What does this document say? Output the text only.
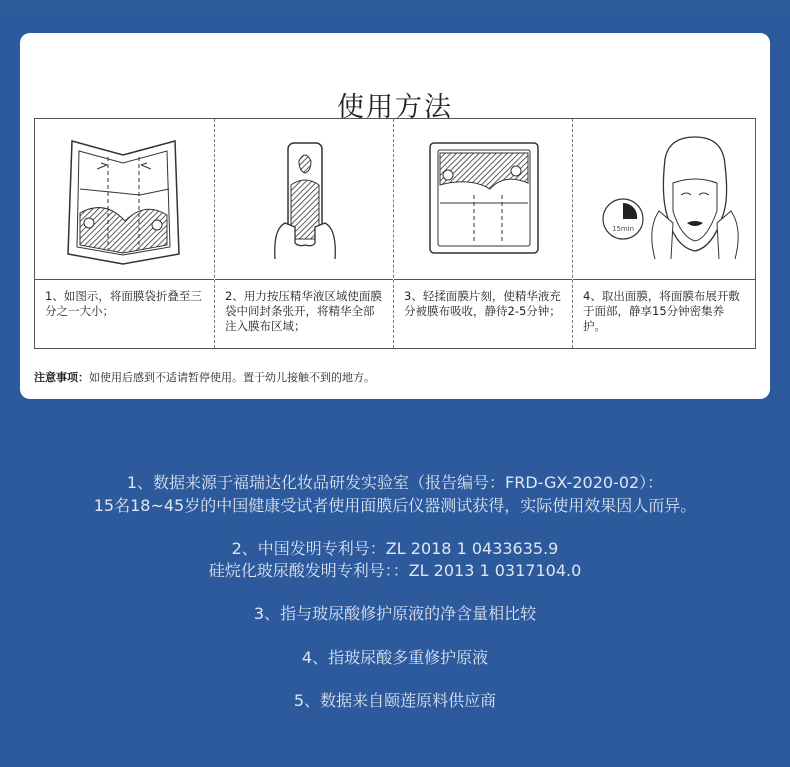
使用方法
1、如图示，将面膜袋折叠至三分之一大小；
2、用力按压精华液区域使面膜袋中间封条张开，将精华全部注入膜布区域；
3、轻揉面膜片刻，使精华液充分被膜布吸收，静待2-5分钟；
15min
4、取出面膜，将面膜布展开敷于面部，静享15分钟密集养护。
注意事项：如使用后感到不适请暂停使用。置于幼儿接触不到的地方。
1、数据来源于福瑞达化妆品研发实验室（报告编号：FRD-GX-2020-02）：
15名18~45岁的中国健康受试者使用面膜后仪器测试获得，实际使用效果因人而异。
2、中国发明专利号：ZL 2018 1 0433635.9
硅烷化玻尿酸发明专利号：：ZL 2013 1 0317104.0
3、指与玻尿酸修护原液的净含量相比较
4、指玻尿酸多重修护原液
5、数据来自颐莲原料供应商
